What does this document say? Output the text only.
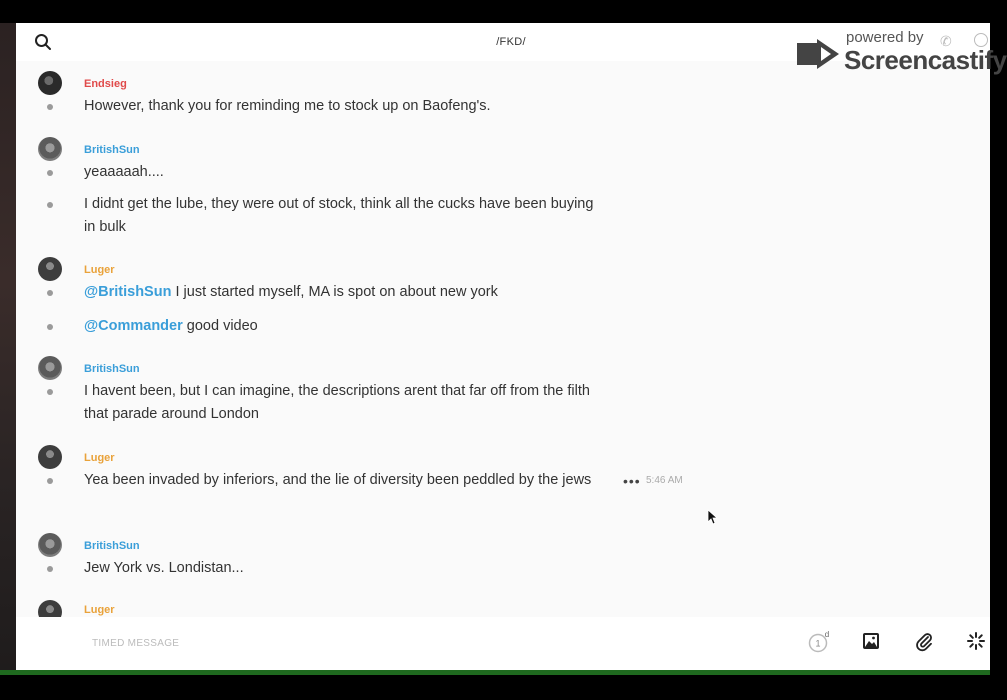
/FKD/	powered by
Screencastify
✆
Endsieg
However, thank you for reminding me to stock up on Baofeng's.
BritishSun
yeaaaaah....
I didnt get the lube, they were out of stock, think all the cucks have been buying in bulk
Luger
@BritishSun I just started myself, MA is spot on about new york
@Commander good video
BritishSun
I havent been, but I can imagine, the descriptions arent that far off from the filth that parade around London
Luger
Yea been invaded by inferiors, and the lie of diversity been peddled by the jews	••• 5:46 AM
BritishSun
Jew York vs. Londistan...
Luger
TIMED MESSAGE	1
d
